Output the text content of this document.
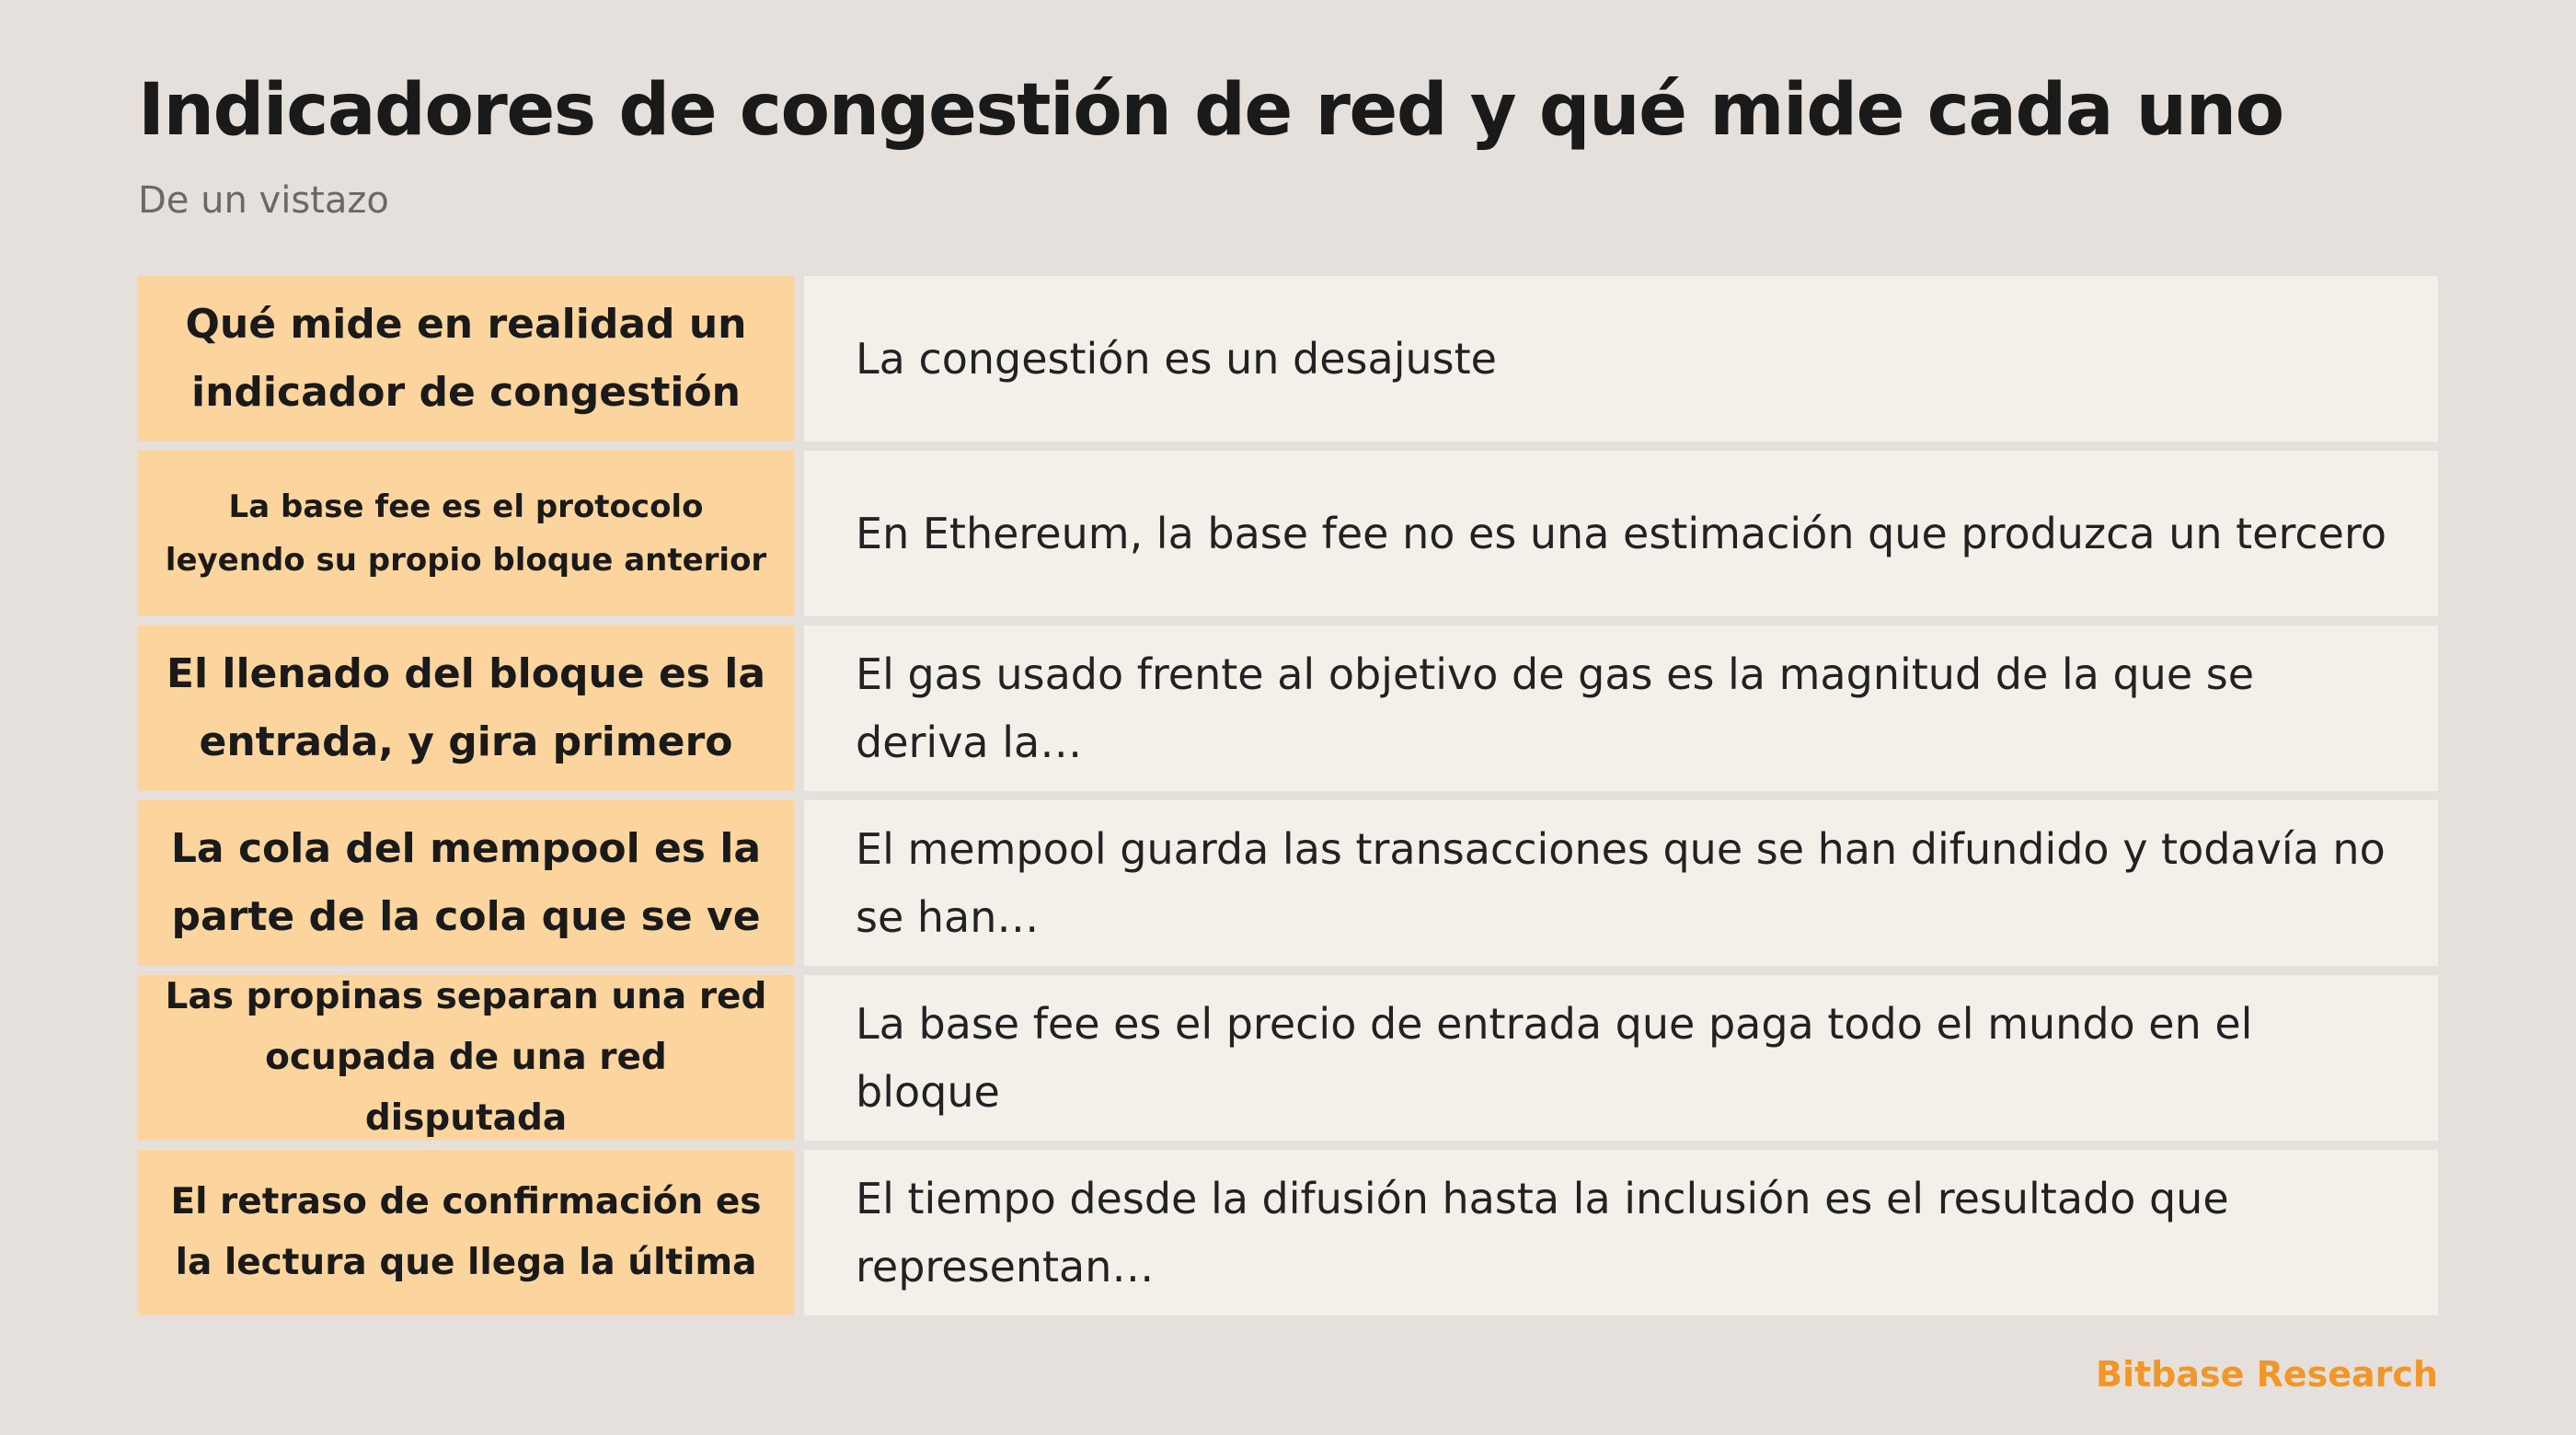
Indicadores de congestión de red y qué mide cada uno

De un vistazo

Qué mide en realidad un indicador de congestión
La congestión es un desajuste
La base fee es el protocolo leyendo su propio bloque anterior
En Ethereum, la base fee no es una estimación que produzca un tercero
El llenado del bloque es la entrada, y gira primero
El gas usado frente al objetivo de gas es la magnitud de la que se deriva la…
La cola del mempool es la parte de la cola que se ve
El mempool guarda las transacciones que se han difundido y todavía no se han…
Las propinas separan una red ocupada de una red disputada
La base fee es el precio de entrada que paga todo el mundo en el bloque
El retraso de confirmación es la lectura que llega la última
El tiempo desde la difusión hasta la inclusión es el resultado que representan…

Bitbase Research
